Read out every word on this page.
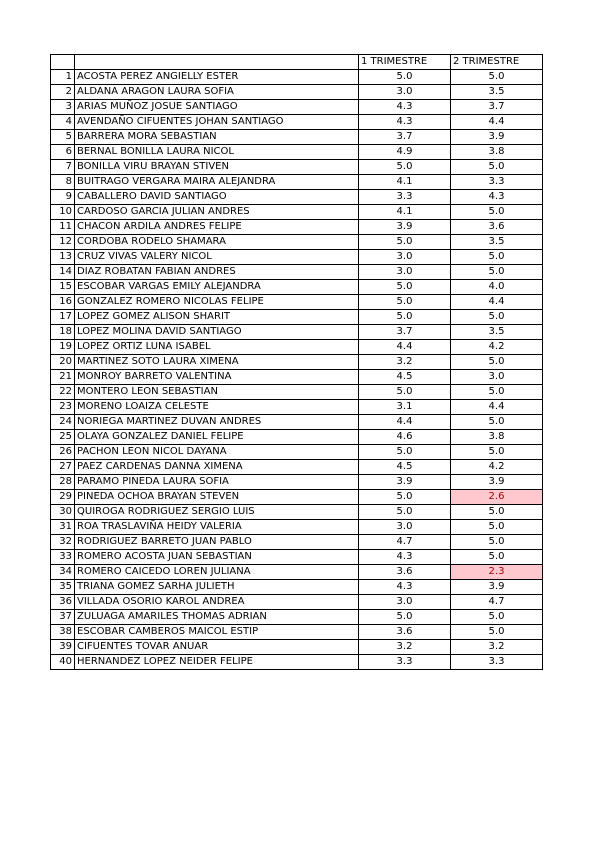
		1 TRIMESTRE	2 TRIMESTRE
1	ACOSTA PEREZ ANGIELLY ESTER	5.0	5.0
2	ALDANA ARAGON LAURA SOFIA	3.0	3.5
3	ARIAS MUÑOZ JOSUE SANTIAGO	4.3	3.7
4	AVENDAÑO CIFUENTES JOHAN SANTIAGO	4.3	4.4
5	BARRERA MORA SEBASTIAN	3.7	3.9
6	BERNAL BONILLA LAURA NICOL	4.9	3.8
7	BONILLA VIRU BRAYAN STIVEN	5.0	5.0
8	BUITRAGO VERGARA MAIRA ALEJANDRA	4.1	3.3
9	CABALLERO DAVID SANTIAGO	3.3	4.3
10	CARDOSO GARCIA JULIAN ANDRES	4.1	5.0
11	CHACON ARDILA ANDRES FELIPE	3.9	3.6
12	CORDOBA RODELO SHAMARA	5.0	3.5
13	CRUZ VIVAS VALERY NICOL	3.0	5.0
14	DIAZ ROBATAN FABIAN ANDRES	3.0	5.0
15	ESCOBAR VARGAS EMILY ALEJANDRA	5.0	4.0
16	GONZALEZ ROMERO NICOLAS FELIPE	5.0	4.4
17	LOPEZ GOMEZ ALISON SHARIT	5.0	5.0
18	LOPEZ MOLINA DAVID SANTIAGO	3.7	3.5
19	LOPEZ ORTIZ LUNA ISABEL	4.4	4.2
20	MARTINEZ SOTO LAURA XIMENA	3.2	5.0
21	MONROY BARRETO VALENTINA	4.5	3.0
22	MONTERO LEON SEBASTIAN	5.0	5.0
23	MORENO LOAIZA CELESTE	3.1	4.4
24	NORIEGA MARTINEZ DUVAN ANDRES	4.4	5.0
25	OLAYA GONZALEZ DANIEL FELIPE	4.6	3.8
26	PACHON LEON NICOL DAYANA	5.0	5.0
27	PAEZ CARDENAS DANNA XIMENA	4.5	4.2
28	PARAMO PINEDA LAURA SOFIA	3.9	3.9
29	PINEDA OCHOA BRAYAN STEVEN	5.0	2.6
30	QUIROGA RODRIGUEZ SERGIO LUIS	5.0	5.0
31	ROA TRASLAVIÑA HEIDY VALERIA	3.0	5.0
32	RODRIGUEZ BARRETO JUAN PABLO	4.7	5.0
33	ROMERO ACOSTA JUAN SEBASTIAN	4.3	5.0
34	ROMERO CAICEDO LOREN JULIANA	3.6	2.3
35	TRIANA GOMEZ SARHA JULIETH	4.3	3.9
36	VILLADA OSORIO KAROL ANDREA	3.0	4.7
37	ZULUAGA AMARILES THOMAS ADRIAN	5.0	5.0
38	ESCOBAR CAMBEROS MAICOL ESTIP	3.6	5.0
39	CIFUENTES TOVAR ANUAR	3.2	3.2
40	HERNANDEZ LOPEZ NEIDER FELIPE	3.3	3.3
